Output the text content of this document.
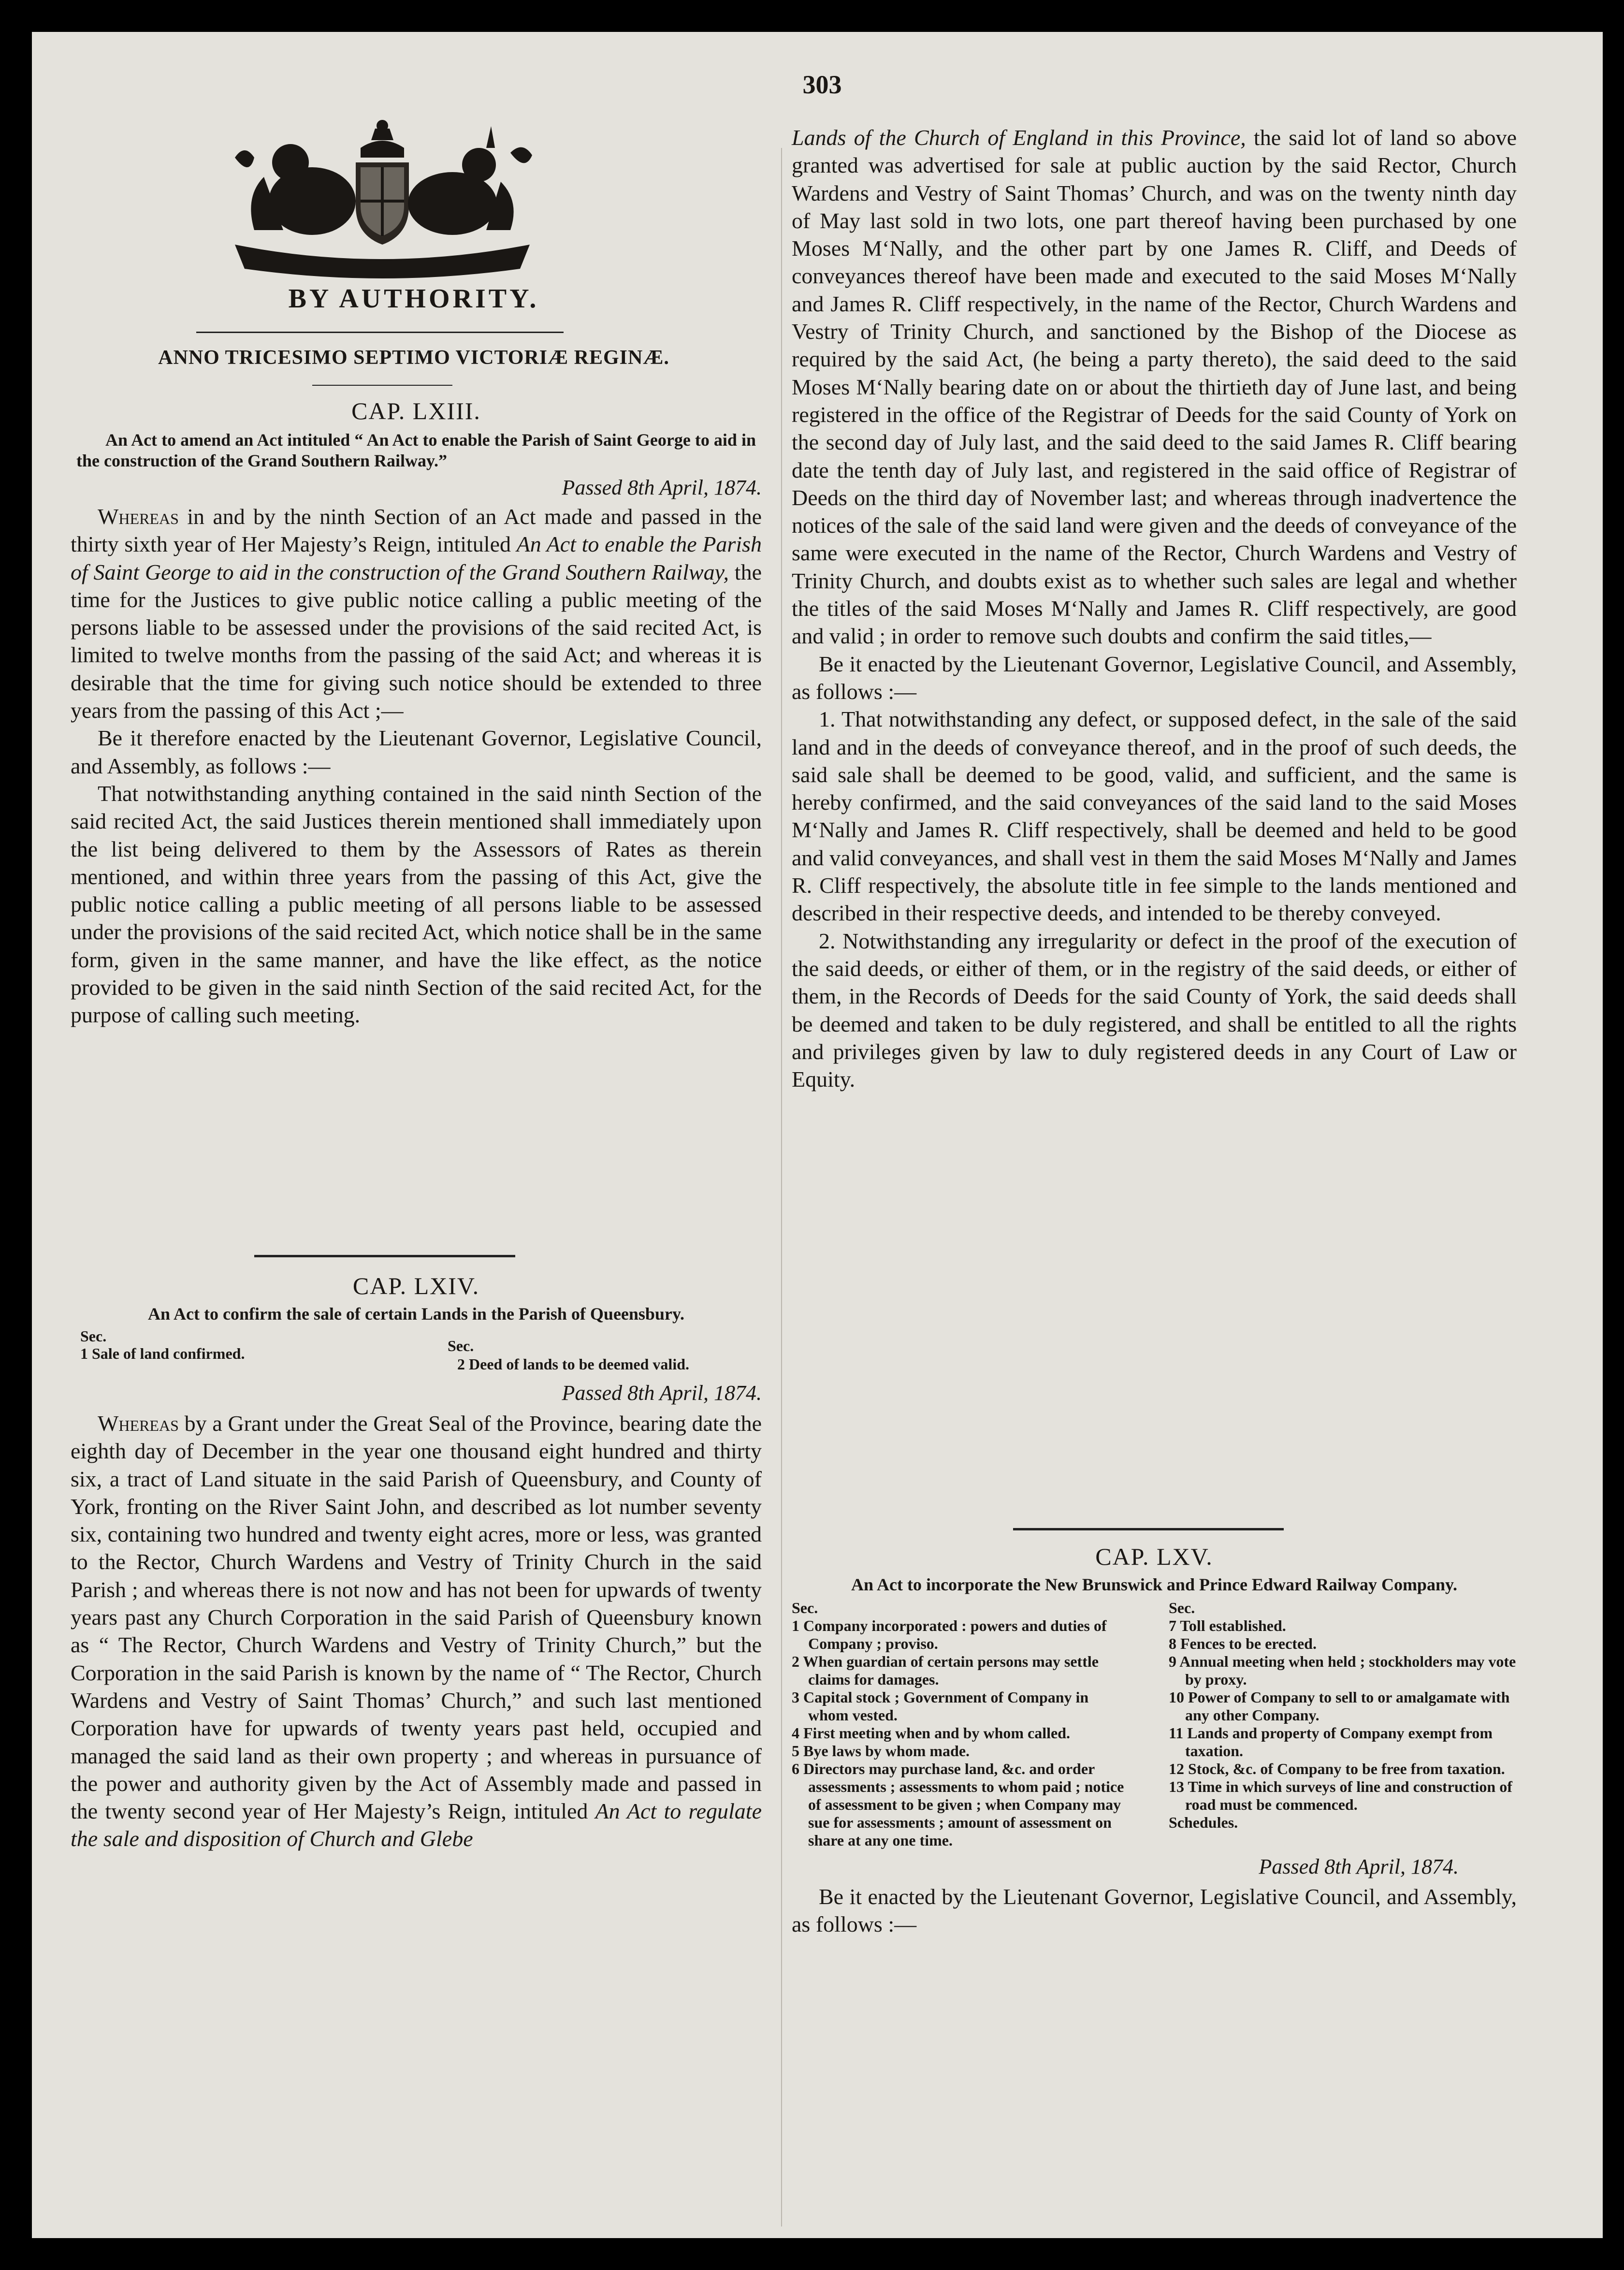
303
BY AUTHORITY.
ANNO TRICESIMO SEPTIMO VICTORIÆ REGINÆ.
CAP. LXIII.
An Act to amend an Act intituled “ An Act to enable the Parish of Saint George to aid in the construction of the Grand Southern Railway.”
Passed 8th April, 1874.

Whereas in and by the ninth Section of an Act made and passed in the thirty sixth year of Her Majesty’s Reign, intituled An Act to enable the Parish of Saint George to aid in the construction of the Grand Southern Railway, the time for the Justices to give public notice calling a public meeting of the persons liable to be assessed under the provisions of the said recited Act, is limited to twelve months from the passing of the said Act; and whereas it is desirable that the time for giving such notice should be extended to three years from the passing of this Act ;—

Be it therefore enacted by the Lieutenant Governor, Legislative Council, and Assembly, as follows :—

That notwithstanding anything contained in the said ninth Section of the said recited Act, the said Justices therein mentioned shall immediately upon the list being delivered to them by the Assessors of Rates as therein mentioned, and within three years from the passing of this Act, give the public notice calling a public meeting of all persons liable to be assessed under the provisions of the said recited Act, which notice shall be in the same form, given in the same manner, and have the like effect, as the notice provided to be given in the said ninth Section of the said recited Act, for the purpose of calling such meeting.

CAP. LXIV.
An Act to confirm the sale of certain Lands in the Parish of Queensbury.
Sec.
1 Sale of land confirmed.	Sec.
2 Deed of lands to be deemed valid.
Passed 8th April, 1874.

Whereas by a Grant under the Great Seal of the Province, bearing date the eighth day of December in the year one thousand eight hundred and thirty six, a tract of Land situate in the said Parish of Queensbury, and County of York, fronting on the River Saint John, and described as lot number seventy six, containing two hundred and twenty eight acres, more or less, was granted to the Rector, Church Wardens and Vestry of Trinity Church in the said Parish ; and whereas there is not now and has not been for upwards of twenty years past any Church Corporation in the said Parish of Queensbury known as “ The Rector, Church Wardens and Vestry of Trinity Church,” but the Corporation in the said Parish is known by the name of “ The Rector, Church Wardens and Vestry of Saint Thomas’ Church,” and such last mentioned Corporation have for upwards of twenty years past held, occupied and managed the said land as their own property ; and whereas in pursuance of the power and authority given by the Act of Assembly made and passed in the twenty second year of Her Majesty’s Reign, intituled An Act to regulate the sale and disposition of Church and Glebe

Lands of the Church of England in this Province, the said lot of land so above granted was advertised for sale at public auction by the said Rector, Church Wardens and Vestry of Saint Thomas’ Church, and was on the twenty ninth day of May last sold in two lots, one part thereof having been purchased by one Moses M‘Nally, and the other part by one James R. Cliff, and Deeds of conveyances thereof have been made and executed to the said Moses M‘Nally and James R. Cliff respectively, in the name of the Rector, Church Wardens and Vestry of Trinity Church, and sanctioned by the Bishop of the Diocese as required by the said Act, (he being a party thereto), the said deed to the said Moses M‘Nally bearing date on or about the thirtieth day of June last, and being registered in the office of the Registrar of Deeds for the said County of York on the second day of July last, and the said deed to the said James R. Cliff bearing date the tenth day of July last, and registered in the said office of Registrar of Deeds on the third day of November last; and whereas through inadvertence the notices of the sale of the said land were given and the deeds of conveyance of the same were executed in the name of the Rector, Church Wardens and Vestry of Trinity Church, and doubts exist as to whether such sales are legal and whether the titles of the said Moses M‘Nally and James R. Cliff respectively, are good and valid ; in order to remove such doubts and confirm the said titles,—

Be it enacted by the Lieutenant Governor, Legislative Council, and Assembly, as follows :—

1. That notwithstanding any defect, or supposed defect, in the sale of the said land and in the deeds of conveyance thereof, and in the proof of such deeds, the said sale shall be deemed to be good, valid, and sufficient, and the same is hereby confirmed, and the said conveyances of the said land to the said Moses M‘Nally and James R. Cliff respectively, shall be deemed and held to be good and valid conveyances, and shall vest in them the said Moses M‘Nally and James R. Cliff respectively, the absolute title in fee simple to the lands mentioned and described in their respective deeds, and intended to be thereby conveyed.

2. Notwithstanding any irregularity or defect in the proof of the execution of the said deeds, or either of them, or in the registry of the said deeds, or either of them, in the Records of Deeds for the said County of York, the said deeds shall be deemed and taken to be duly registered, and shall be entitled to all the rights and privileges given by law to duly registered deeds in any Court of Law or Equity.

CAP. LXV.
An Act to incorporate the New Brunswick and Prince Edward Railway Company.
Sec.
1 Company incorporated : powers and duties of Company ; proviso.
2 When guardian of certain persons may settle claims for damages.
3 Capital stock ; Government of Company in whom vested.
4 First meeting when and by whom called.
5 Bye laws by whom made.
6 Directors may purchase land, &c. and order assessments ; assessments to whom paid ; notice of assessment to be given ; when Company may sue for assessments ; amount of assessment on share at any one time.
Sec.
7 Toll established.
8 Fences to be erected.
9 Annual meeting when held ; stockholders may vote by proxy.
10 Power of Company to sell to or amalgamate with any other Company.
11 Lands and property of Company exempt from taxation.
12 Stock, &c. of Company to be free from taxation.
13 Time in which surveys of line and construction of road must be commenced.
Schedules.
Passed 8th April, 1874.

Be it enacted by the Lieutenant Governor, Legislative Council, and Assembly, as follows :—
